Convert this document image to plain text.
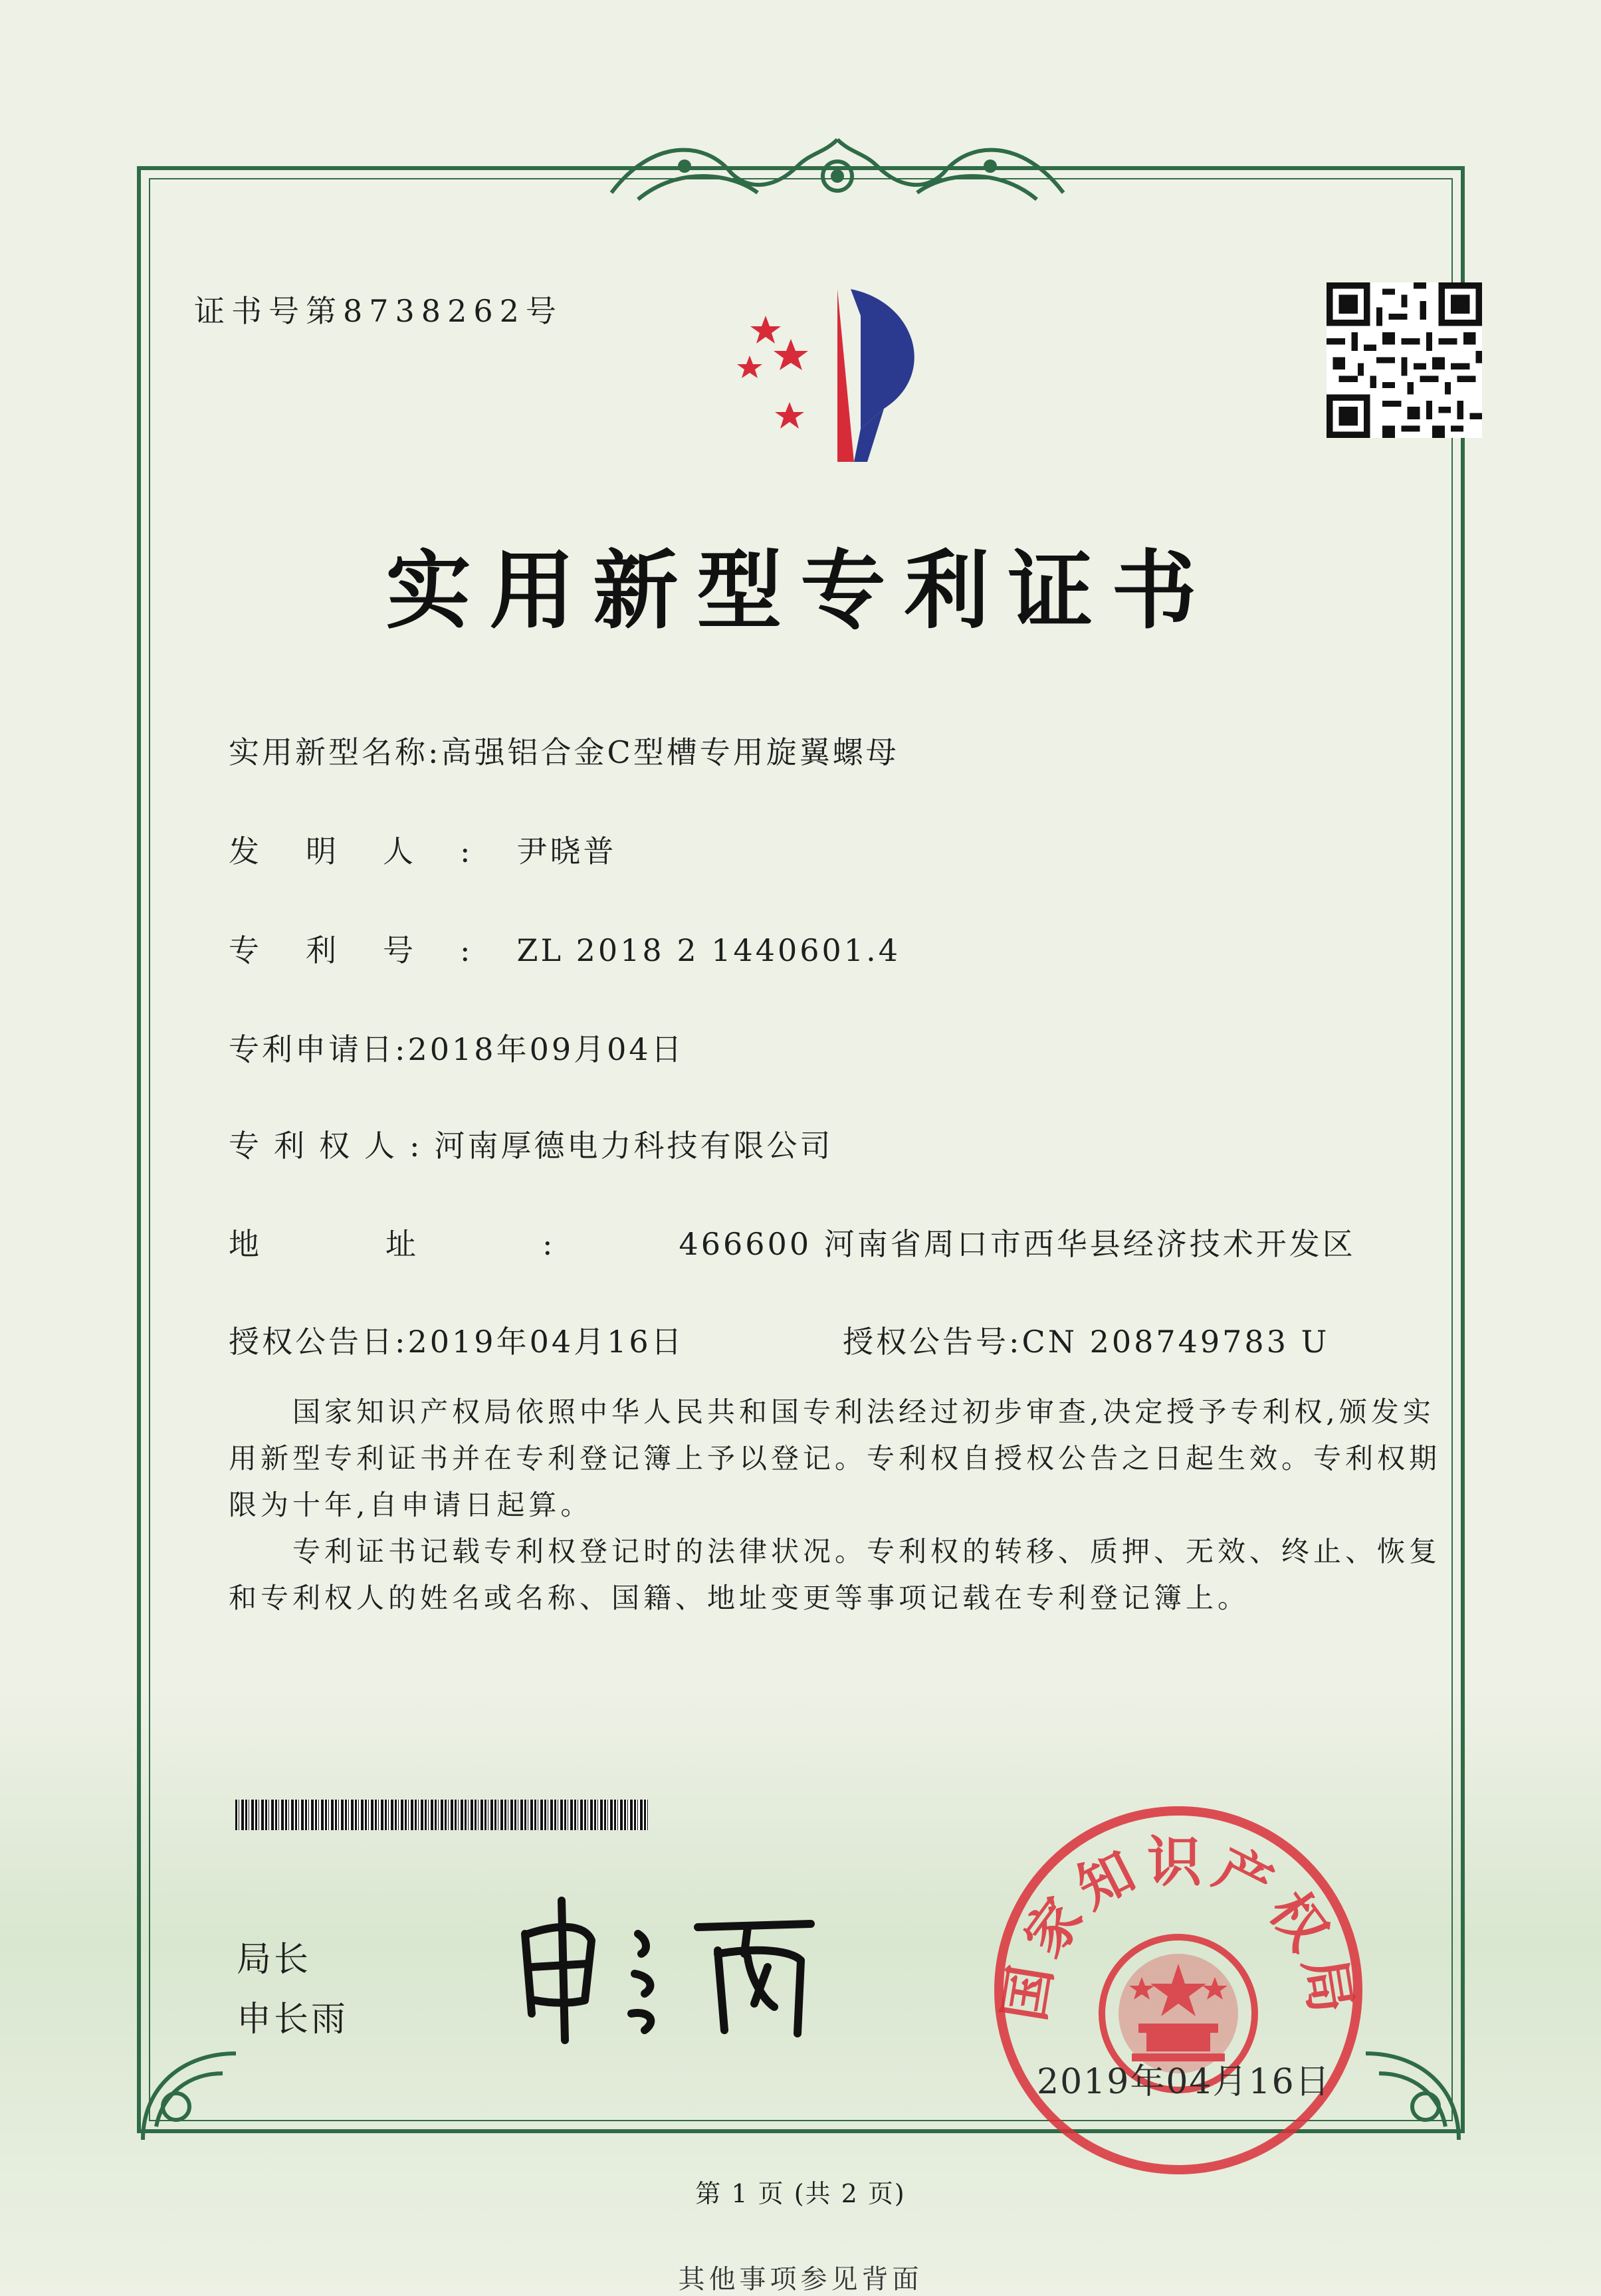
证书号第8738262号
实用新型专利证书
实用新型名称:高强铝合金C型槽专用旋翼螺母
发明人:尹晓普
专利号:ZL 2018 2 1440601.4
专利申请日:2018年09月04日
专利权人:河南厚德电力科技有限公司
地址:466600 河南省周口市西华县经济技术开发区
授权公告日:2019年04月16日	授权公告号:CN 208749783 U

国家知识产权局依照中华人民共和国专利法经过初步审查,决定授予专利权,颁发实用新型专利证书并在专利登记簿上予以登记。专利权自授权公告之日起生效。专利权期限为十年,自申请日起算。

专利证书记载专利权登记时的法律状况。专利权的转移、质押、无效、终止、恢复和专利权人的姓名或名称、国籍、地址变更等事项记载在专利登记簿上。

局长
申长雨	国家知识产权局
2019年04月16日
第 1 页 (共 2 页)
其他事项参见背面
